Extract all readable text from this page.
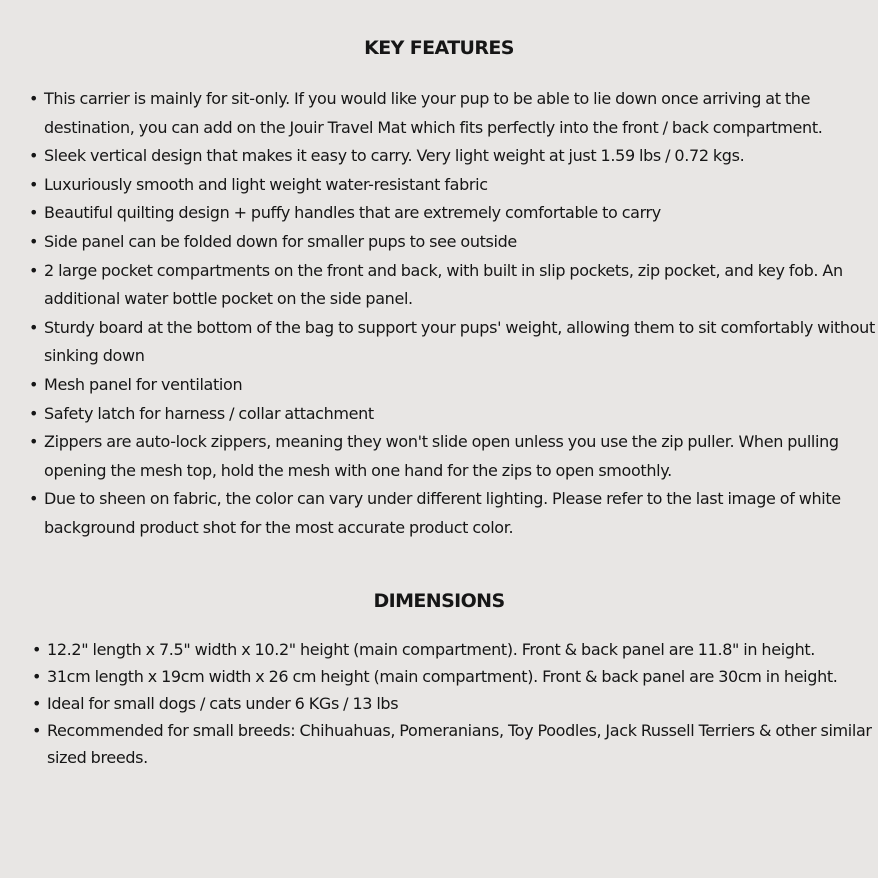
KEY FEATURES
• This carrier is mainly for sit-only. If you would like your pup to be able to lie down once arriving at the destination, you can add on the Jouir Travel Mat which fits perfectly into the front / back compartment.
• Sleek vertical design that makes it easy to carry. Very light weight at just 1.59 lbs / 0.72 kgs.
• Luxuriously smooth and light weight water-resistant fabric
• Beautiful quilting design + puffy handles that are extremely comfortable to carry
• Side panel can be folded down for smaller pups to see outside
• 2 large pocket compartments on the front and back, with built in slip pockets, zip pocket, and key fob. An additional water bottle pocket on the side panel.
• Sturdy board at the bottom of the bag to support your pups' weight, allowing them to sit comfortably without sinking down
• Mesh panel for ventilation
• Safety latch for harness / collar attachment
• Zippers are auto-lock zippers, meaning they won't slide open unless you use the zip puller. When pulling opening the mesh top, hold the mesh with one hand for the zips to open smoothly.
• Due to sheen on fabric, the color can vary under different lighting. Please refer to the last image of white background product shot for the most accurate product color.
DIMENSIONS
• 12.2" length x 7.5" width x 10.2" height (main compartment). Front & back panel are 11.8" in height.
• 31cm length x 19cm width x 26 cm height (main compartment). Front & back panel are 30cm in height.
• Ideal for small dogs / cats under 6 KGs / 13 lbs
• Recommended for small breeds: Chihuahuas, Pomeranians, Toy Poodles, Jack Russell Terriers & other similar sized breeds.
